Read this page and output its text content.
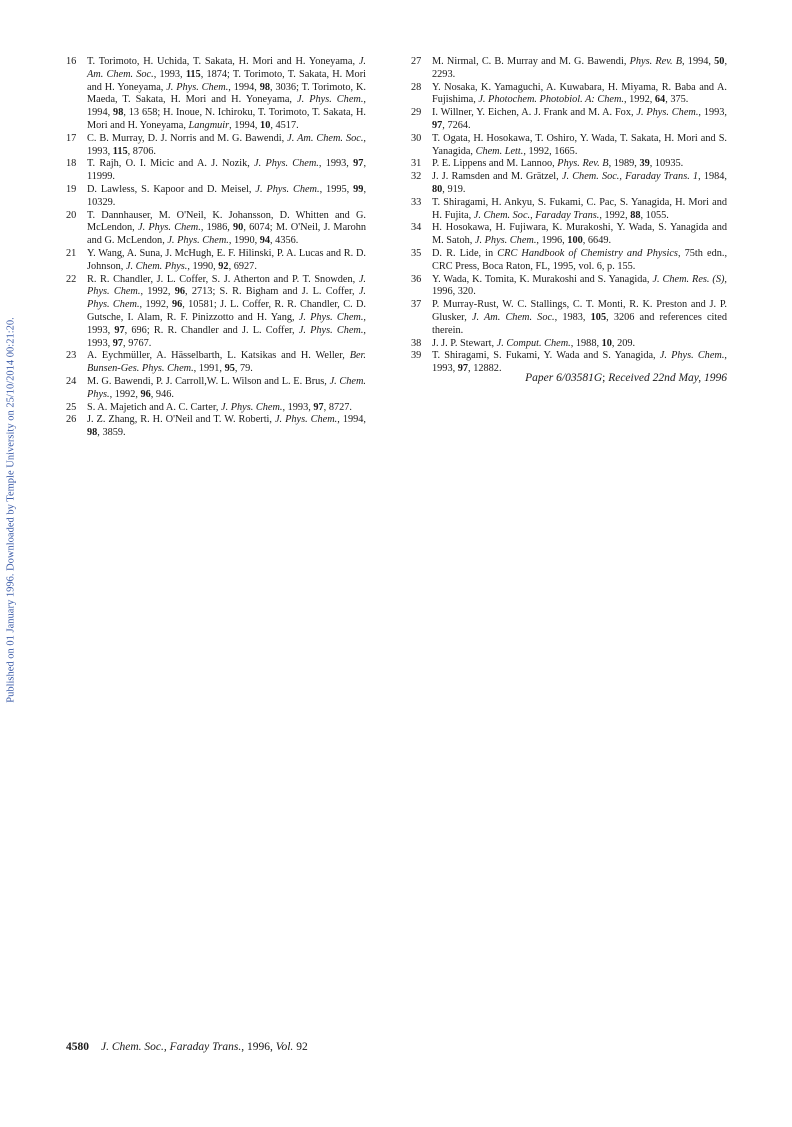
Published on 01 January 1996. Downloaded by Temple University on 25/10/2014 00:21:20.
16 T. Torimoto, H. Uchida, T. Sakata, H. Mori and H. Yoneyama, J. Am. Chem. Soc., 1993, 115, 1874; T. Torimoto, T. Sakata, H. Mori and H. Yoneyama, J. Phys. Chem., 1994, 98, 3036; T. Torimoto, K. Maeda, T. Sakata, H. Mori and H. Yoneyama, J. Phys. Chem., 1994, 98, 13 658; H. Inoue, N. Ichiroku, T. Torimoto, T. Sakata, H. Mori and H. Yoneyama, Langmuir, 1994, 10, 4517.
17 C. B. Murray, D. J. Norris and M. G. Bawendi, J. Am. Chem. Soc., 1993, 115, 8706.
18 T. Rajh, O. I. Micic and A. J. Nozik, J. Phys. Chem., 1993, 97, 11999.
19 D. Lawless, S. Kapoor and D. Meisel, J. Phys. Chem., 1995, 99, 10329.
20 T. Dannhauser, M. O'Neil, K. Johansson, D. Whitten and G. McLendon, J. Phys. Chem., 1986, 90, 6074; M. O'Neil, J. Marohn and G. McLendon, J. Phys. Chem., 1990, 94, 4356.
21 Y. Wang, A. Suna, J. McHugh, E. F. Hilinski, P. A. Lucas and R. D. Johnson, J. Chem. Phys., 1990, 92, 6927.
22 R. R. Chandler, J. L. Coffer, S. J. Atherton and P. T. Snowden, J. Phys. Chem., 1992, 96, 2713; S. R. Bigham and J. L. Coffer, J. Phys. Chem., 1992, 96, 10581; J. L. Coffer, R. R. Chandler, C. D. Gutsche, I. Alam, R. F. Pinizzotto and H. Yang, J. Phys. Chem., 1993, 97, 696; R. R. Chandler and J. L. Coffer, J. Phys. Chem., 1993, 97, 9767.
23 A. Eychmüller, A. Hässelbarth, L. Katsikas and H. Weller, Ber. Bunsen-Ges. Phys. Chem., 1991, 95, 79.
24 M. G. Bawendi, P. J. Carroll,W. L. Wilson and L. E. Brus, J. Chem. Phys., 1992, 96, 946.
25 S. A. Majetich and A. C. Carter, J. Phys. Chem., 1993, 97, 8727.
26 J. Z. Zhang, R. H. O'Neil and T. W. Roberti, J. Phys. Chem., 1994, 98, 3859.
27 M. Nirmal, C. B. Murray and M. G. Bawendi, Phys. Rev. B, 1994, 50, 2293.
28 Y. Nosaka, K. Yamaguchi, A. Kuwabara, H. Miyama, R. Baba and A. Fujishima, J. Photochem. Photobiol. A: Chem., 1992, 64, 375.
29 I. Willner, Y. Eichen, A. J. Frank and M. A. Fox, J. Phys. Chem., 1993, 97, 7264.
30 T. Ogata, H. Hosokawa, T. Oshiro, Y. Wada, T. Sakata, H. Mori and S. Yanagida, Chem. Lett., 1992, 1665.
31 P. E. Lippens and M. Lannoo, Phys. Rev. B, 1989, 39, 10935.
32 J. J. Ramsden and M. Grätzel, J. Chem. Soc., Faraday Trans. 1, 1984, 80, 919.
33 T. Shiragami, H. Ankyu, S. Fukami, C. Pac, S. Yanagida, H. Mori and H. Fujita, J. Chem. Soc., Faraday Trans., 1992, 88, 1055.
34 H. Hosokawa, H. Fujiwara, K. Murakoshi, Y. Wada, S. Yanagida and M. Satoh, J. Phys. Chem., 1996, 100, 6649.
35 D. R. Lide, in CRC Handbook of Chemistry and Physics, 75th edn., CRC Press, Boca Raton, FL, 1995, vol. 6, p. 155.
36 Y. Wada, K. Tomita, K. Murakoshi and S. Yanagida, J. Chem. Res. (S), 1996, 320.
37 P. Murray-Rust, W. C. Stallings, C. T. Monti, R. K. Preston and J. P. Glusker, J. Am. Chem. Soc., 1983, 105, 3206 and references cited therein.
38 J. J. P. Stewart, J. Comput. Chem., 1988, 10, 209.
39 T. Shiragami, S. Fukami, Y. Wada and S. Yanagida, J. Phys. Chem., 1993, 97, 12882.
Paper 6/03581G; Received 22nd May, 1996
4580 J. Chem. Soc., Faraday Trans., 1996, Vol. 92
